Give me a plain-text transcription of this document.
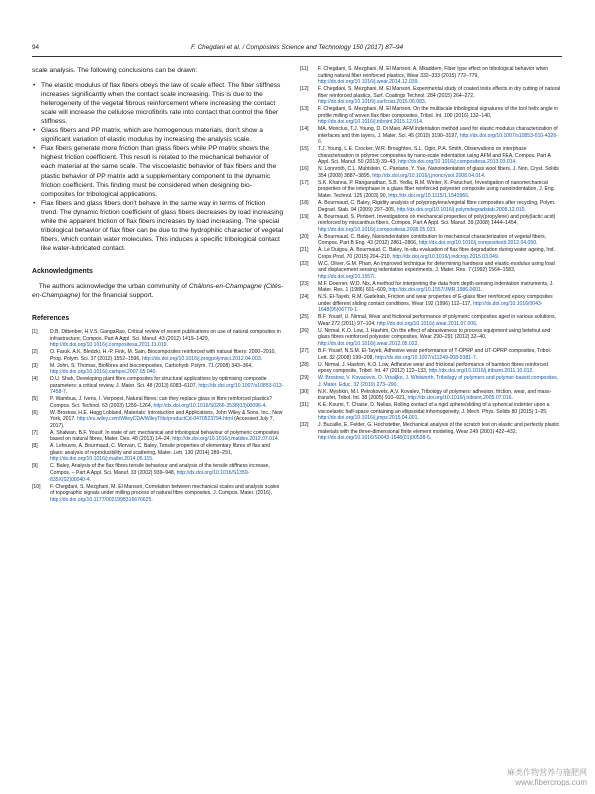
94	F. Chegdani et al. / Composites Science and Technology 150 (2017) 87–94

scale analysis. The following conclusions can be drawn:

• The elastic modulus of flax fibers obeys the law of scale effect. The fiber stiffness increases significantly when the contact scale increasing. This is due to the heterogeneity of the vegetal fibrous reinforcement where increasing the contact scale will increase the cellulose microfibrils rate into contact that control the fiber stiffness.
• Glass fibers and PP matrix, which are homogenous materials, don't show a significant variation of elastic modulus by increasing the analysis scale.
• Flax fibers generate more friction than glass fibers while PP matrix shows the highest friction coefficient. This result is related to the mechanical behavior of each material at the same scale. The viscoelastic behavior of flax fibers and the plastic behavior of PP matrix add a supplementary component to the dynamic friction coefficient. This finding must be considered when designing bio-composites for tribological applications.
• Flax fibers and glass fibers don't behave in the same way in terms of friction trend. The dynamic friction coefficient of glass fibers decreases by load increasing while the apparent friction of flax fibers increases by load increasing. The special tribological behavior of flax fiber can be due to the hydrophilic character of vegetal fibers, which contain water molecules. This induces a specific tribological contact like water-lubricated contact.
Acknowledgments

 The authors acknowledge the urban community of Châlons-en-Champagne (Cités-en-Champagne) for the financial support.

References
[1] D.B. Dittenber, H.V.S. GangaRao, Critical review of recent publications on use of natural composites in infrastructure, Compos. Part A Appl. Sci. Manuf. 43 (2012) 1419–1429, http://dx.doi.org/10.1016/j.compositesa.2011.11.019.
[2] O. Faruk, A.K. Bledzki, H.-P. Fink, M. Sain, Biocomposites reinforced with natural fibers: 2000–2010, Prog. Polym. Sci. 37 (2012) 1552–1596, http://dx.doi.org/10.1016/j.progpolymsci.2012.04.003.
[3] M. John, S. Thomas, Biofibres and biocomposites, Carbohydr. Polym. 71 (2008) 343–364, http://dx.doi.org/10.1016/j.carbpol.2007.05.040.
[4] D.U. Shah, Developing plant fibre composites for structural applications by optimising composite parameters: a critical review, J. Mater. Sci. 48 (2013) 6083–6107, http://dx.doi.org/10.1007/s10853-013-7458-7.
[5] P. Wambua, J. Ivens, I. Verpoest, Natural fibres: can they replace glass in fibre reinforced plastics? Compos. Sci. Technol. 63 (2003) 1259–1264, http://dx.doi.org/10.1016/S0266-3538(03)00096-4.
[6] W. Brostow, H.E. Hagg Lobland, Materials: Introduction and Applications, John Wiley & Sons, Inc., New York, 2017. http://eu.wiley.com/WileyCDA/WileyTitle/productCd-0470523794.html (Accessed July 7, 2017).
[7] A. Shalwan, B.F. Yousif, In state of art: mechanical and tribological behaviour of polymeric composites based on natural fibres, Mater. Des. 48 (2013) 14–24, http://dx.doi.org/10.1016/j.matdes.2012.07.014.
[8] A. Lefeuvre, A. Bourmaud, C. Morvan, C. Baley, Tensile properties of elementary fibres of flax and glass: analysis of reproducibility and scattering, Mater. Lett. 130 (2014) 289–291, http://dx.doi.org/10.1016/j.matlet.2014.05.115.
[9] C. Baley, Analysis of the flax fibres tensile behaviour and analysis of the tensile stiffness increase, Compos. – Part A Appl. Sci. Manuf. 33 (2002) 939–948, http://dx.doi.org/10.1016/S1359-835X(02)00040-4.
[10] F. Chegdani, S. Mezghani, M. El Mansori, Correlation between mechanical scales and analysis scales of topographic signals under milling process of natural fibre composites, J. Compos. Mater. (2016), http://dx.doi.org/10.1177/0021998316676625.
[11] F. Chegdani, S. Mezghani, M. El Mansori, A. Mkaddem, Fiber type effect on tribological behavior when cutting natural fiber reinforced plastics, Wear 332–333 (2015) 772–779, http://dx.doi.org/10.1016/j.wear.2014.12.039.
[12] F. Chegdani, S. Mezghani, M. El Mansori, Experimental study of coated tools effects in dry cutting of natural fiber reinforced plastics, Surf. Coatings Technol. 284 (2015) 264–272, http://dx.doi.org/10.1016/j.surfcoat.2015.06.083.
[13] F. Chegdani, S. Mezghani, M. El Mansori, On the multiscale tribological signatures of the tool helix angle in profile milling of woven flax fiber composites, Tribol. Int. 100 (2016) 132–140, http://dx.doi.org/10.1016/j.triboint.2015.12.014.
[14] MA. Monclus, T.J. Young, D. Di Maio, AFM indentation method used for elastic modulus characterization of interfaces and thin layers, J. Mater. Sci. 45 (2010) 3190–3197, http://dx.doi.org/10.1007/s10853-010-4326-6.
[15] T.J. Young, L.E. Crocker, W.R. Broughton, S.L. Ogin, P.A. Smith, Observations on interphase characterisation in polymer composites by nano-scale indentation using AFM and FEA, Compos. Part A Appl. Sci. Manuf. 50 (2013) 39–43, http://dx.doi.org/10.1016/j.compositesa.2013.03.014.
[16] N. Lonnroth, C.L. Muhlstein, C. Pantano, Y. Yue, Nanoindentation of glass wool fibers, J. Non. Cryst. Solids 354 (2008) 3887–3895, http://dx.doi.org/10.1016/j.jnoncrysol.2008.04.014.
[17] S.K. Khanna, P. Ranganathan, S.B. Yedla, R.M. Winter, K. Paruchuri, Investigation of nanomechanical properties of the interphase in a glass fiber reinforced polyester composite using nanoindentation, J. Eng. Mater. Technol. 125 (2003) 90, http://dx.doi.org/10.1115/1.1543966.
[18] A. Bourmaud, C. Baley, Rigidity analysis of polypropylene/vegetal fibre composites after recycling, Polym. Degrad. Stab. 94 (2009) 297–305, http://dx.doi.org/10.1016/j.polymdegradstab.2008.12.010.
[19] A. Bourmaud, S. Pimbert, Investigations on mechanical properties of poly(propylene) and poly(lactic acid) reinforced by miscanthus fibers, Compos. Part A Appl. Sci. Manuf. 39 (2008) 1444–1454, http://dx.doi.org/10.1016/j.compositesa.2008.05.023.
[20] A. Bourmaud, C. Baley, Nanoindentation contribution to mechanical characterization of vegetal fibers, Compos. Part B Eng. 43 (2012) 2861–2866, http://dx.doi.org/10.1016/j.compositesb.2012.04.050.
[21] A. Le Duigou, A. Bourmaud, C. Baley, In-situ evaluation of flax fibre degradation during water ageing, Ind. Crops Prod. 70 (2015) 204–210, http://dx.doi.org/10.1016/j.indcrop.2015.03.049.
[22] W.C. Oliver, G.M. Pharr, An improved technique for determining hardness and elastic-modulus using load and displacement sensing indentation experiments, J. Mater. Res. 7 (1992) 1564–1583, http://dx.doi.org/10.1557/.
[23] M.F. Doerner, W.D. Nix, A method for interpreting the data from depth-sensing indentation instruments, J. Mater. Res. 1 (1986) 601–609, http://dx.doi.org/10.1557/JMR.1986.0601.
[24] N.S. El-Tayeb, R.M. Gadelrab, Friction and wear properties of E-glass fiber reinforced epoxy composites under different sliding contact conditions, Wear 192 (1996) 112–117, http://dx.doi.org/10.1016/0043-1648(95)06770-1.
[25] B.F. Yousif, U. Nirmal, Wear and frictional performance of polymeric composites aged in various solutions, Wear 272 (2011) 97–104, http://dx.doi.org/10.1016/j.wear.2011.07.006.
[26] U. Nirmal, K.O. Low, J. Hashim, On the effect of abrasiveness to process equipment using betelnut and glass fibres reinforced polyester composites, Wear 290–291 (2012) 32–40, http://dx.doi.org/10.1016/j.wear.2012.05.022.
[27] B.F. Yousif, N.S.M. El-Tayeb, Adhesive wear performance of T-OPRP and UT-OPRP composites, Tribol. Lett. 32 (2008) 199–208, http://dx.doi.org/10.1007/s11249-008-9381-7.
[28] U. Nirmal, J. Hashim, K.O. Low, Adhesive wear and frictional performance of bamboo fibres reinforced epoxy composite, Tribol. Int. 47 (2012) 122–133, http://dx.doi.org/10.1016/j.triboint.2011.10.012.
[29] W. Brostow, V. Kovacevic, D. Vrsaljko, J. Whitworth, Tribology of polymers and polymer-based composites, J. Mater. Educ. 32 (2010) 273–290.
[30] N.K. Myshkin, M.I. Petrokovets, A.V. Kovalev, Tribology of polymers: adhesion, friction, wear, and mass-transfer, Tribol. Int. 38 (2005) 910–921, http://dx.doi.org/10.1016/j.triboint.2005.07.016.
[31] K.E. Koumi, T. Chaise, D. Nelias, Rolling contact of a rigid sphere/sliding of a spherical indenter upon a viscoelastic half-space containing an ellipsoidal inhomogeneity, J. Mech. Phys. Solids 80 (2015) 1–25, http://dx.doi.org/10.1016/j.jmps.2015.04.001.
[32] J. Bucaille, E. Felder, G. Hochstetter, Mechanical analysis of the scratch test on elastic and perfectly plastic materials with the three-dimensional finite element modeling, Wear 249 (2001) 422–432, http://dx.doi.org/10.1016/S0043-1648(01)00538-5.
麻类作物营养与施肥网
www.fibercrops.com
